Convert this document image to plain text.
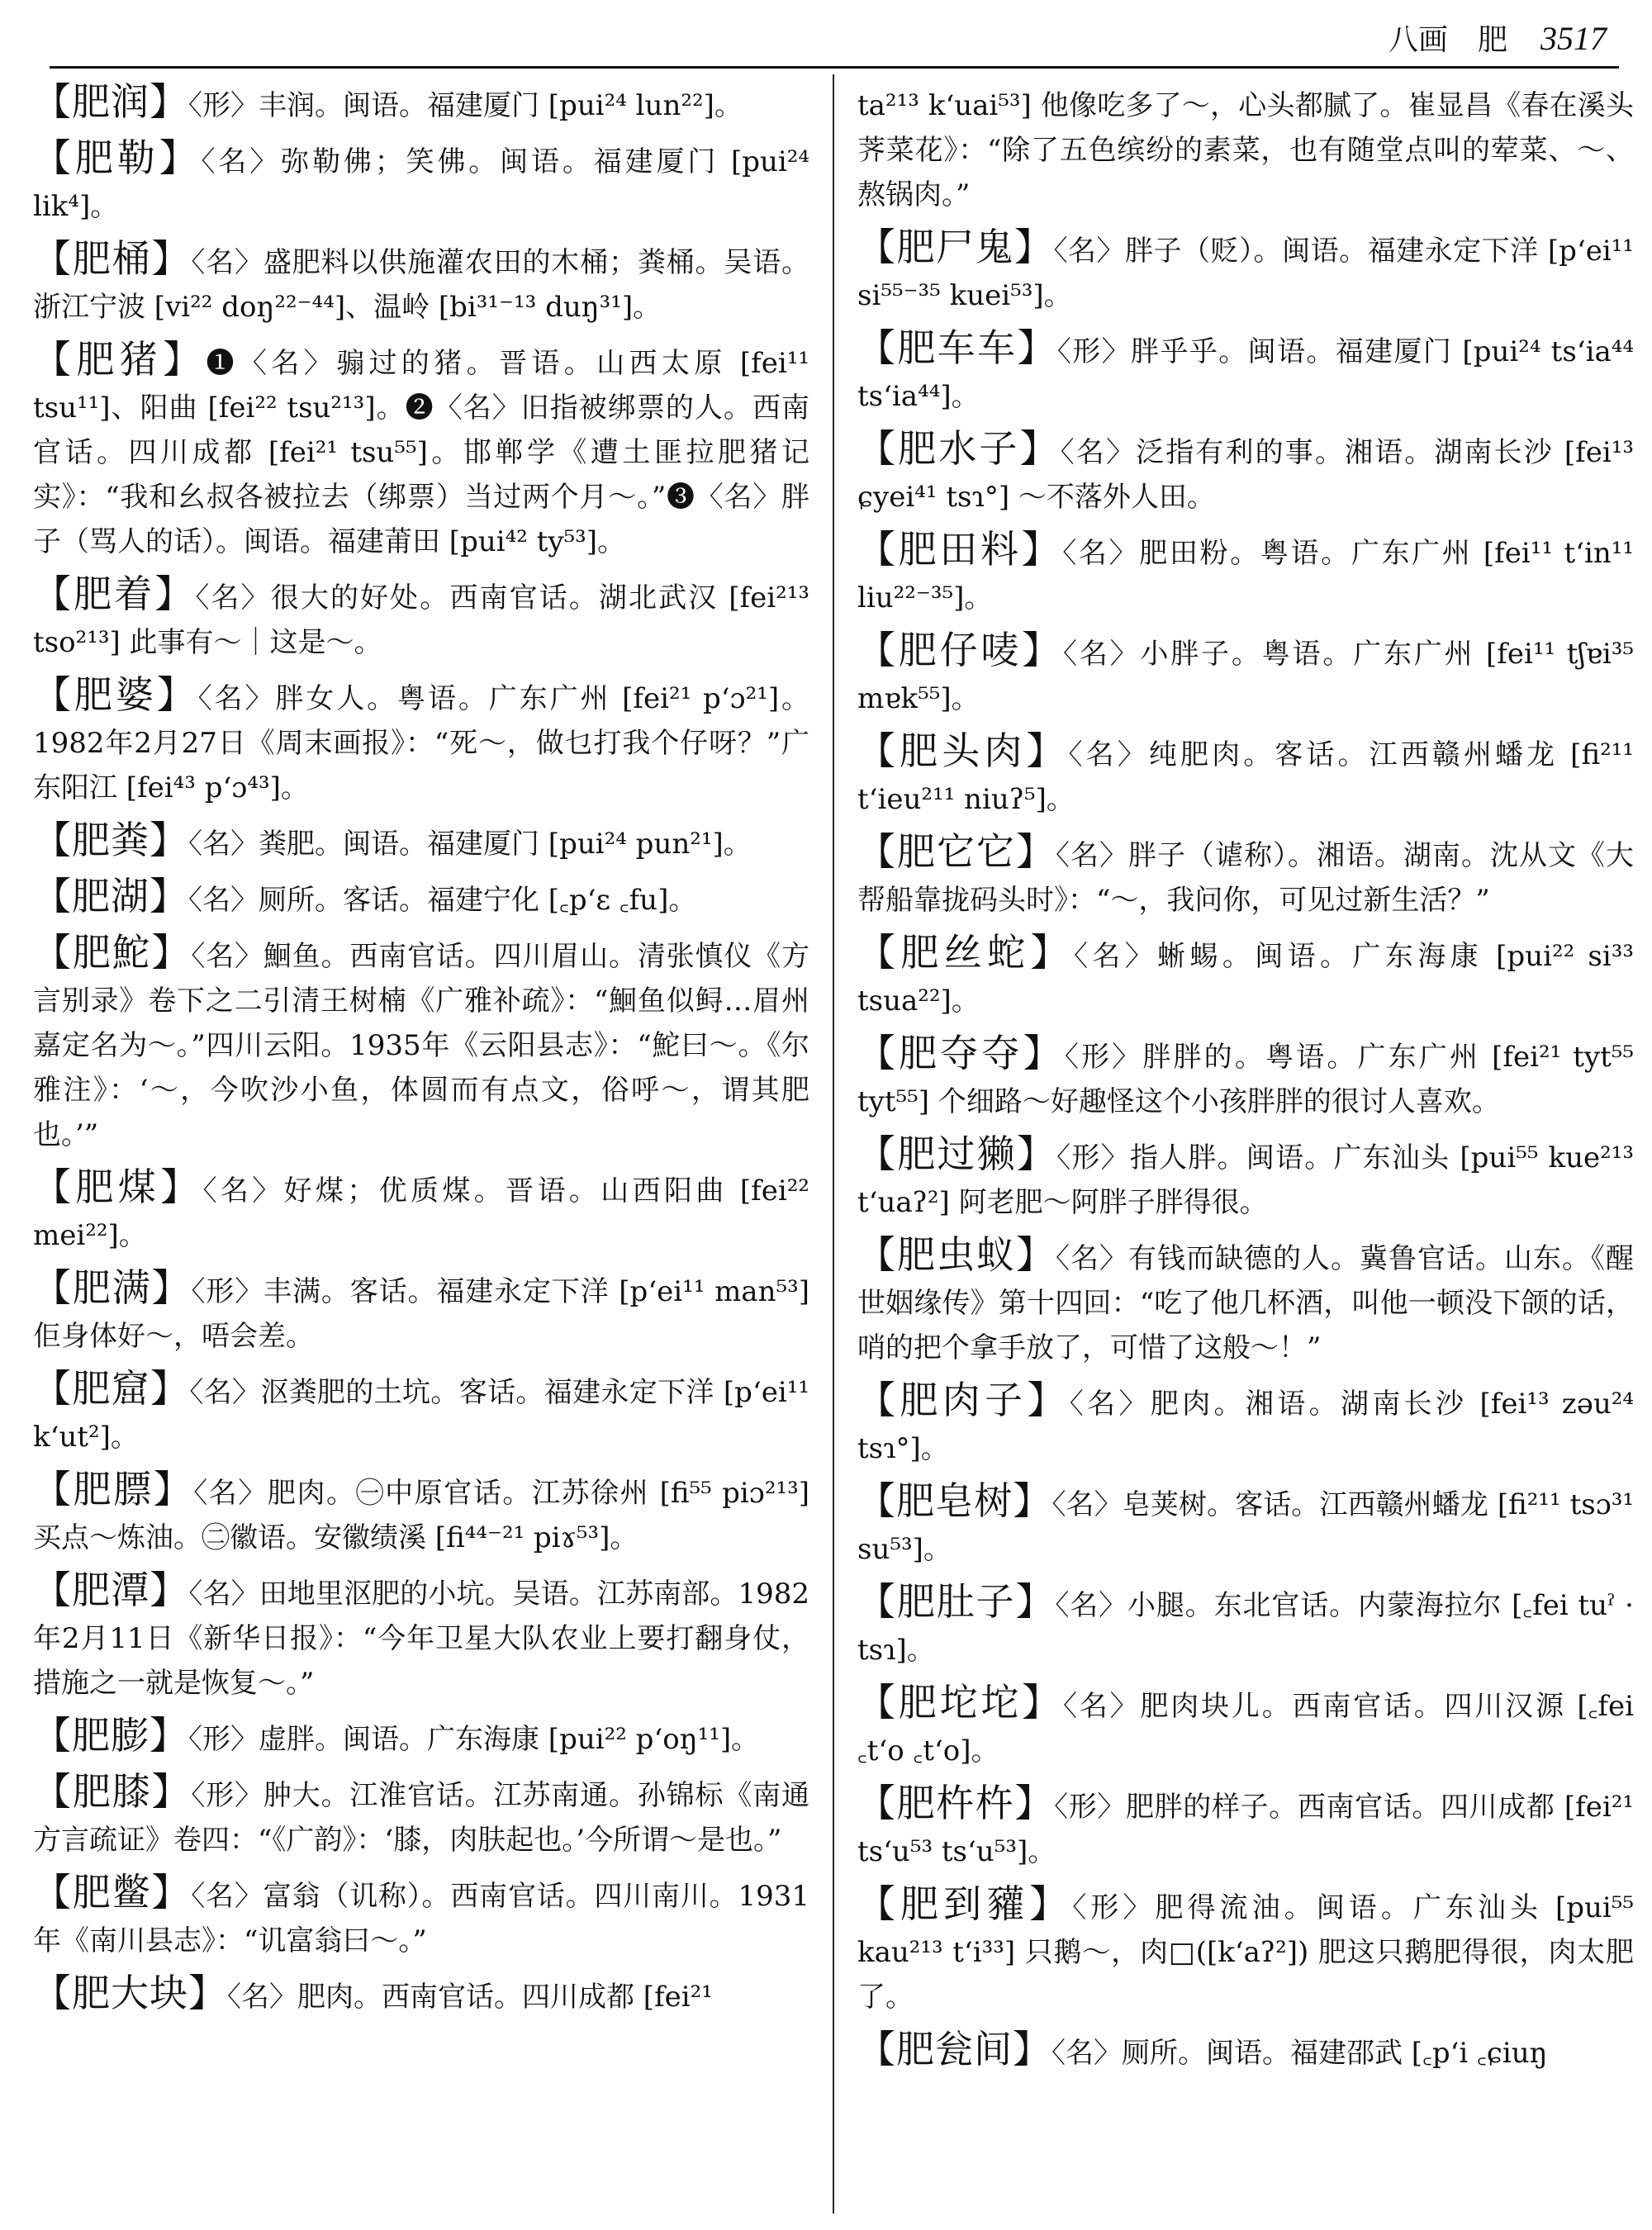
八画　肥 3517

【肥润】〈形〉丰润。闽语。福建厦门 [pui²⁴ lun²²]。

【肥勒】〈名〉弥勒佛；笑佛。闽语。福建厦门 [pui²⁴ lik⁴]。

【肥桶】〈名〉盛肥料以供施灌农田的木桶；粪桶。吴语。浙江宁波 [vi²² doŋ²²⁻⁴⁴]、温岭 [bi³¹⁻¹³ duŋ³¹]。

【肥猪】❶〈名〉骟过的猪。晋语。山西太原 [fei¹¹ tsu¹¹]、阳曲 [fei²² tsu²¹³]。❷〈名〉旧指被绑票的人。西南官话。四川成都 [fei²¹ tsu⁵⁵]。邯郸学《遭土匪拉肥猪记实》：“我和幺叔各被拉去（绑票）当过两个月～。”❸〈名〉胖子（骂人的话）。闽语。福建莆田 [pui⁴² ty⁵³]。

【肥着】〈名〉很大的好处。西南官话。湖北武汉 [fei²¹³ tso²¹³] 此事有～｜这是～。

【肥婆】〈名〉胖女人。粤语。广东广州 [fei²¹ pʻɔ²¹]。1982年2月27日《周末画报》：“死～，做乜打我个仔呀？”广东阳江 [fei⁴³ pʻɔ⁴³]。

【肥粪】〈名〉粪肥。闽语。福建厦门 [pui²⁴ pun²¹]。

【肥湖】〈名〉厕所。客话。福建宁化 [꜀pʻɛ ꜀fu]。

【肥鮀】〈名〉鮰鱼。西南官话。四川眉山。清张慎仪《方言别录》卷下之二引清王树楠《广雅补疏》：“鮰鱼似鲟…眉州嘉定名为～。”四川云阳。1935年《云阳县志》：“鮀曰～。《尔雅注》：‘～，今吹沙小鱼，体圆而有点文，俗呼～，谓其肥也。’”

【肥煤】〈名〉好煤；优质煤。晋语。山西阳曲 [fei²² mei²²]。

【肥满】〈形〉丰满。客话。福建永定下洋 [pʻei¹¹ man⁵³] 佢身体好～，唔会差。

【肥窟】〈名〉沤粪肥的土坑。客话。福建永定下洋 [pʻei¹¹ kʻut²]。

【肥膘】〈名〉肥肉。㊀中原官话。江苏徐州 [fi⁵⁵ piɔ²¹³] 买点～炼油。㊁徽语。安徽绩溪 [fi⁴⁴⁻²¹ piɤ⁵³]。

【肥潭】〈名〉田地里沤肥的小坑。吴语。江苏南部。1982年2月11日《新华日报》：“今年卫星大队农业上要打翻身仗，措施之一就是恢复～。”

【肥膨】〈形〉虚胖。闽语。广东海康 [pui²² pʻoŋ¹¹]。

【肥膝】〈形〉肿大。江淮官话。江苏南通。孙锦标《南通方言疏证》卷四：“《广韵》：‘膝，肉肤起也。’今所谓～是也。”

【肥鳖】〈名〉富翁（讥称）。西南官话。四川南川。1931年《南川县志》：“讥富翁曰～。”

【肥大块】〈名〉肥肉。西南官话。四川成都 [fei²¹

ta²¹³ kʻuai⁵³] 他像吃多了～，心头都腻了。崔显昌《春在溪头荠菜花》：“除了五色缤纷的素菜，也有随堂点叫的荤菜、～、熬锅肉。”

【肥尸鬼】〈名〉胖子（贬）。闽语。福建永定下洋 [pʻei¹¹ si⁵⁵⁻³⁵ kuei⁵³]。

【肥车车】〈形〉胖乎乎。闽语。福建厦门 [pui²⁴ tsʻia⁴⁴ tsʻia⁴⁴]。

【肥水子】〈名〉泛指有利的事。湘语。湖南长沙 [fei¹³ ɕyei⁴¹ tsɿ°] ～不落外人田。

【肥田料】〈名〉肥田粉。粤语。广东广州 [fei¹¹ tʻin¹¹ liu²²⁻³⁵]。

【肥仔唛】〈名〉小胖子。粤语。广东广州 [fei¹¹ tʃɐi³⁵ mɐk⁵⁵]。

【肥头肉】〈名〉纯肥肉。客话。江西赣州蟠龙 [fi²¹¹ tʻieu²¹¹ niuʔ⁵]。

【肥它它】〈名〉胖子（谑称）。湘语。湖南。沈从文《大帮船靠拢码头时》：“～，我问你，可见过新生活？”

【肥丝蛇】〈名〉蜥蜴。闽语。广东海康 [pui²² si³³ tsua²²]。

【肥夺夺】〈形〉胖胖的。粤语。广东广州 [fei²¹ tyt⁵⁵ tyt⁵⁵] 个细路～好趣怪这个小孩胖胖的很讨人喜欢。

【肥过獭】〈形〉指人胖。闽语。广东汕头 [pui⁵⁵ kue²¹³ tʻuaʔ²] 阿老肥～阿胖子胖得很。

【肥虫蚁】〈名〉有钱而缺德的人。冀鲁官话。山东。《醒世姻缘传》第十四回：“吃了他几杯酒，叫他一顿没下颌的话，哨的把个拿手放了，可惜了这般～！”

【肥肉子】〈名〉肥肉。湘语。湖南长沙 [fei¹³ zəu²⁴ tsɿ°]。

【肥皂树】〈名〉皂荚树。客话。江西赣州蟠龙 [fi²¹¹ tsɔ³¹ su⁵³]。

【肥肚子】〈名〉小腿。东北官话。内蒙海拉尔 [꜀fei tuˀ · tsɿ]。

【肥坨坨】〈名〉肥肉块儿。西南官话。四川汉源 [꜀fei ꜀tʻo ꜀tʻo]。

【肥杵杵】〈形〉肥胖的样子。西南官话。四川成都 [fei²¹ tsʻu⁵³ tsʻu⁵³]。

【肥到䝔】〈形〉肥得流油。闽语。广东汕头 [pui⁵⁵ kau²¹³ tʻi³³] 只鹅～，肉□([kʻaʔ²]) 肥这只鹅肥得很，肉太肥了。

【肥瓮间】〈名〉厕所。闽语。福建邵武 [꜀pʻi ꜀ɕiuŋ
